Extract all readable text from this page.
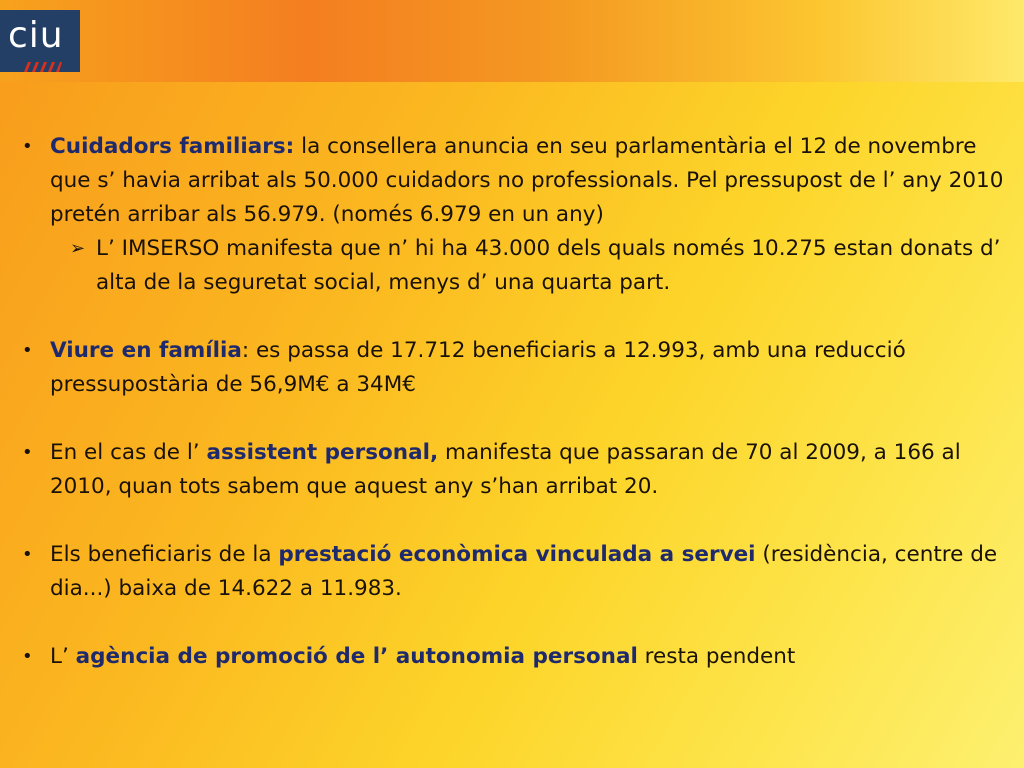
ciu
• Cuidadors familiars: la consellera anuncia en seu parlamentària el 12 de novembre que s’ havia arribat als 50.000 cuidadors no professionals. Pel pressupost de l’ any 2010 pretén arribar als 56.979. (només 6.979 en un any)
➢ L’ IMSERSO manifesta que n’ hi ha 43.000 dels quals només 10.275 estan donats d’ alta de la seguretat social, menys d’ una quarta part.
• Viure en família: es passa de 17.712 beneficiaris a 12.993, amb una reducció pressupostària de 56,9M€ a 34M€
• En el cas de l’ assistent personal, manifesta que passaran de 70 al 2009, a 166 al 2010, quan tots sabem que aquest any s’han arribat 20.
• Els beneficiaris de la prestació econòmica vinculada a servei (residència, centre de dia...) baixa de 14.622 a 11.983.
• L’ agència de promoció de l’ autonomia personal resta pendent
